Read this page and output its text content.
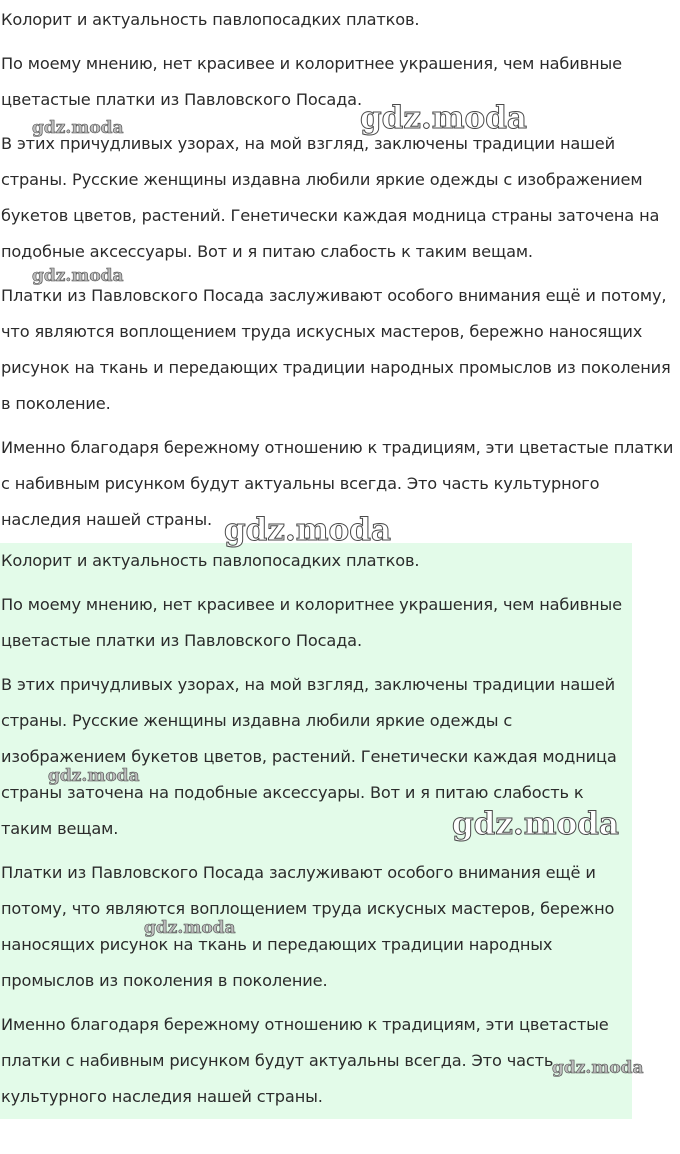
Колорит и актуальность павлопосадких платков.

По моему мнению, нет красивее и колоритнее украшения, чем набивные
цветастые платки из Павловского Посада.

В этих причудливых узорах, на мой взгляд, заключены традиции нашей
страны. Русские женщины издавна любили яркие одежды с изображением
букетов цветов, растений. Генетически каждая модница страны заточена на
подобные аксессуары. Вот и я питаю слабость к таким вещам.

Платки из Павловского Посада заслуживают особого внимания ещё и потому,
что являются воплощением труда искусных мастеров, бережно наносящих
рисунок на ткань и передающих традиции народных промыслов из поколения
в поколение.

Именно благодаря бережному отношению к традициям, эти цветастые платки
с набивным рисунком будут актуальны всегда. Это часть культурного
наследия нашей страны.

Колорит и актуальность павлопосадких платков.

По моему мнению, нет красивее и колоритнее украшения, чем набивные
цветастые платки из Павловского Посада.

В этих причудливых узорах, на мой взгляд, заключены традиции нашей
страны. Русские женщины издавна любили яркие одежды с
изображением букетов цветов, растений. Генетически каждая модница
страны заточена на подобные аксессуары. Вот и я питаю слабость к
таким вещам.

Платки из Павловского Посада заслуживают особого внимания ещё и
потому, что являются воплощением труда искусных мастеров, бережно
наносящих рисунок на ткань и передающих традиции народных
промыслов из поколения в поколение.

Именно благодаря бережному отношению к традициям, эти цветастые
платки с набивным рисунком будут актуальны всегда. Это часть
культурного наследия нашей страны.

gdz.moda
gdz.moda
gdz.moda
gdz.moda
gdz.moda
gdz.moda
gdz.moda
gdz.moda
